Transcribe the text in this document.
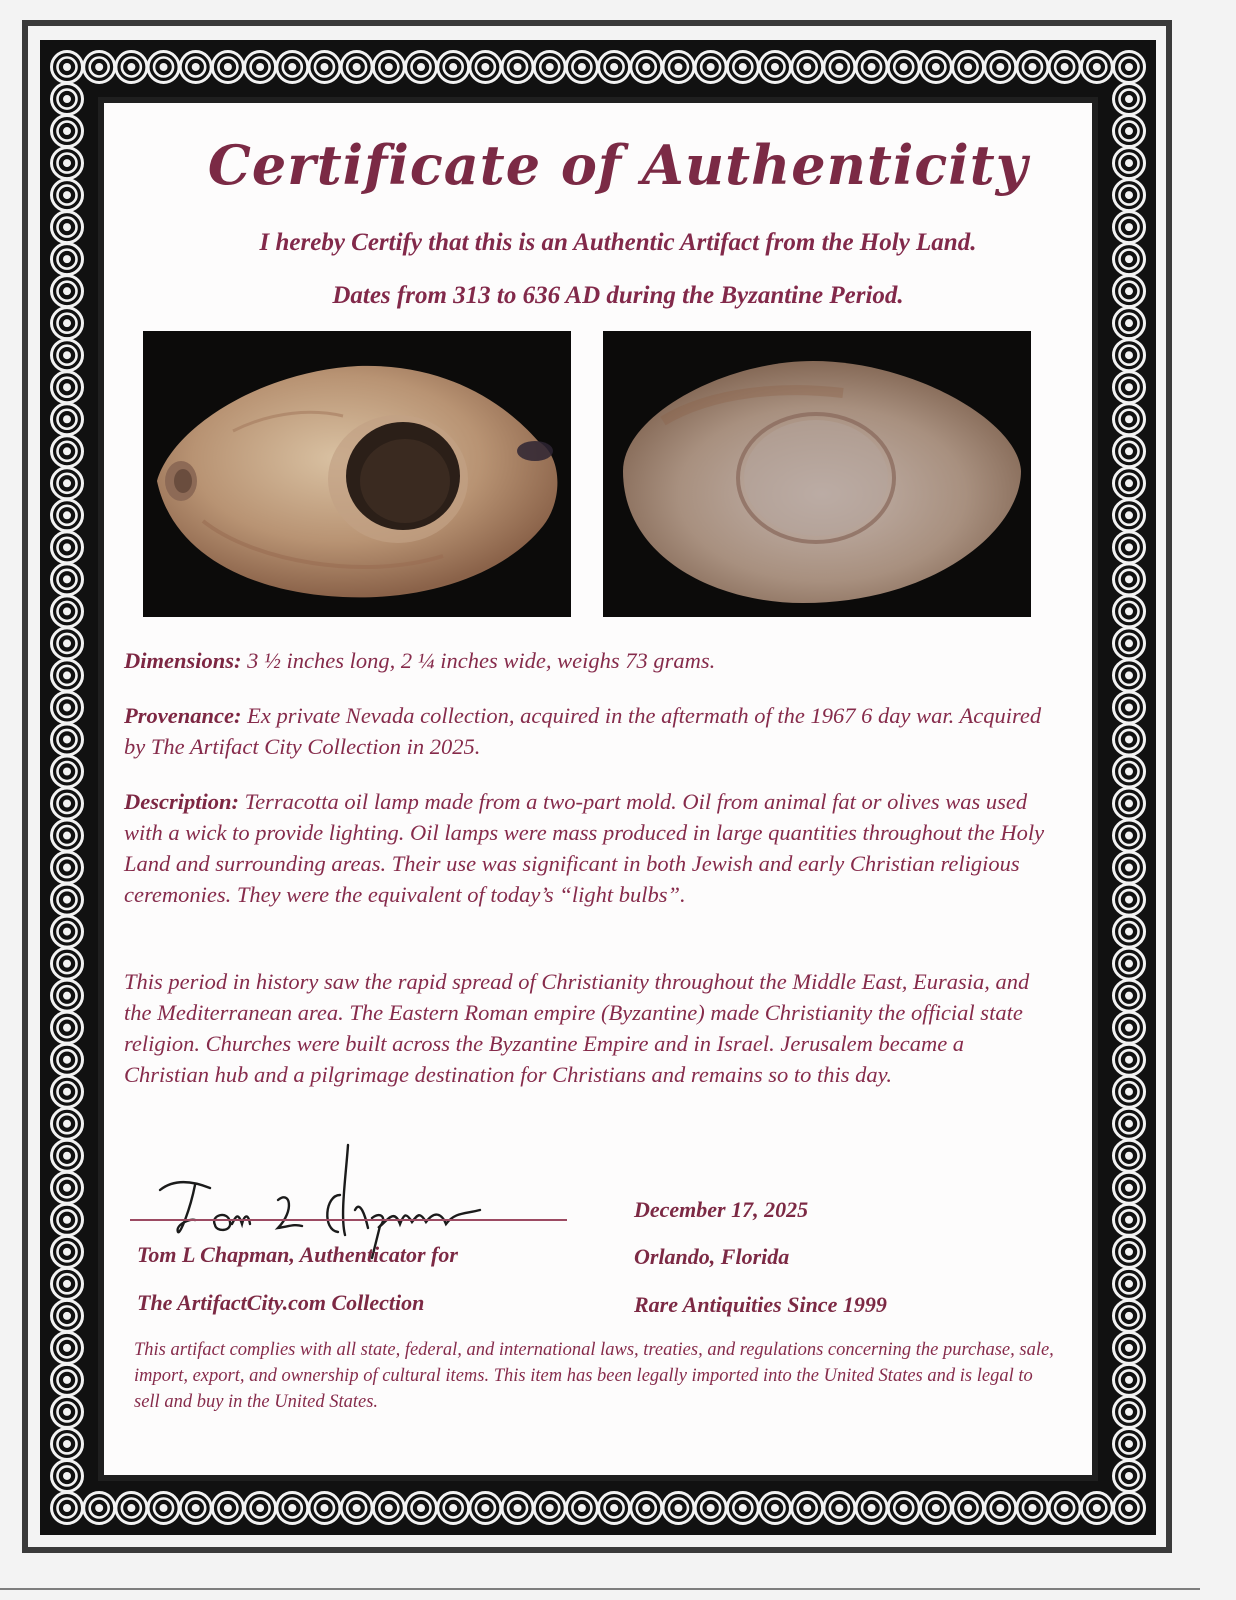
Certificate of Authenticity
I hereby Certify that this is an Authentic Artifact from the Holy Land.
Dates from 313 to 636 AD during the Byzantine Period.
Dimensions: 3 ½ inches long, 2 ¼ inches wide, weighs 73 grams.
Provenance: Ex private Nevada collection, acquired in the aftermath of the 1967 6 day war. Acquired by The Artifact City Collection in 2025.
Description: Terracotta oil lamp made from a two-part mold. Oil from animal fat or olives was used with a wick to provide lighting. Oil lamps were mass produced in large quantities throughout the Holy Land and surrounding areas. Their use was significant in both Jewish and early Christian religious ceremonies. They were the equivalent of today’s “light bulbs”.
This period in history saw the rapid spread of Christianity throughout the Middle East, Eurasia, and the Mediterranean area. The Eastern Roman empire (Byzantine) made Christianity the official state religion. Churches were built across the Byzantine Empire and in Israel. Jerusalem became a Christian hub and a pilgrimage destination for Christians and remains so to this day.
Tom L Chapman, Authenticator for
The ArtifactCity.com Collection
December 17, 2025
Orlando, Florida
Rare Antiquities Since 1999
This artifact complies with all state, federal, and international laws, treaties, and regulations concerning the purchase, sale, import, export, and ownership of cultural items. This item has been legally imported into the United States and is legal to sell and buy in the United States.
